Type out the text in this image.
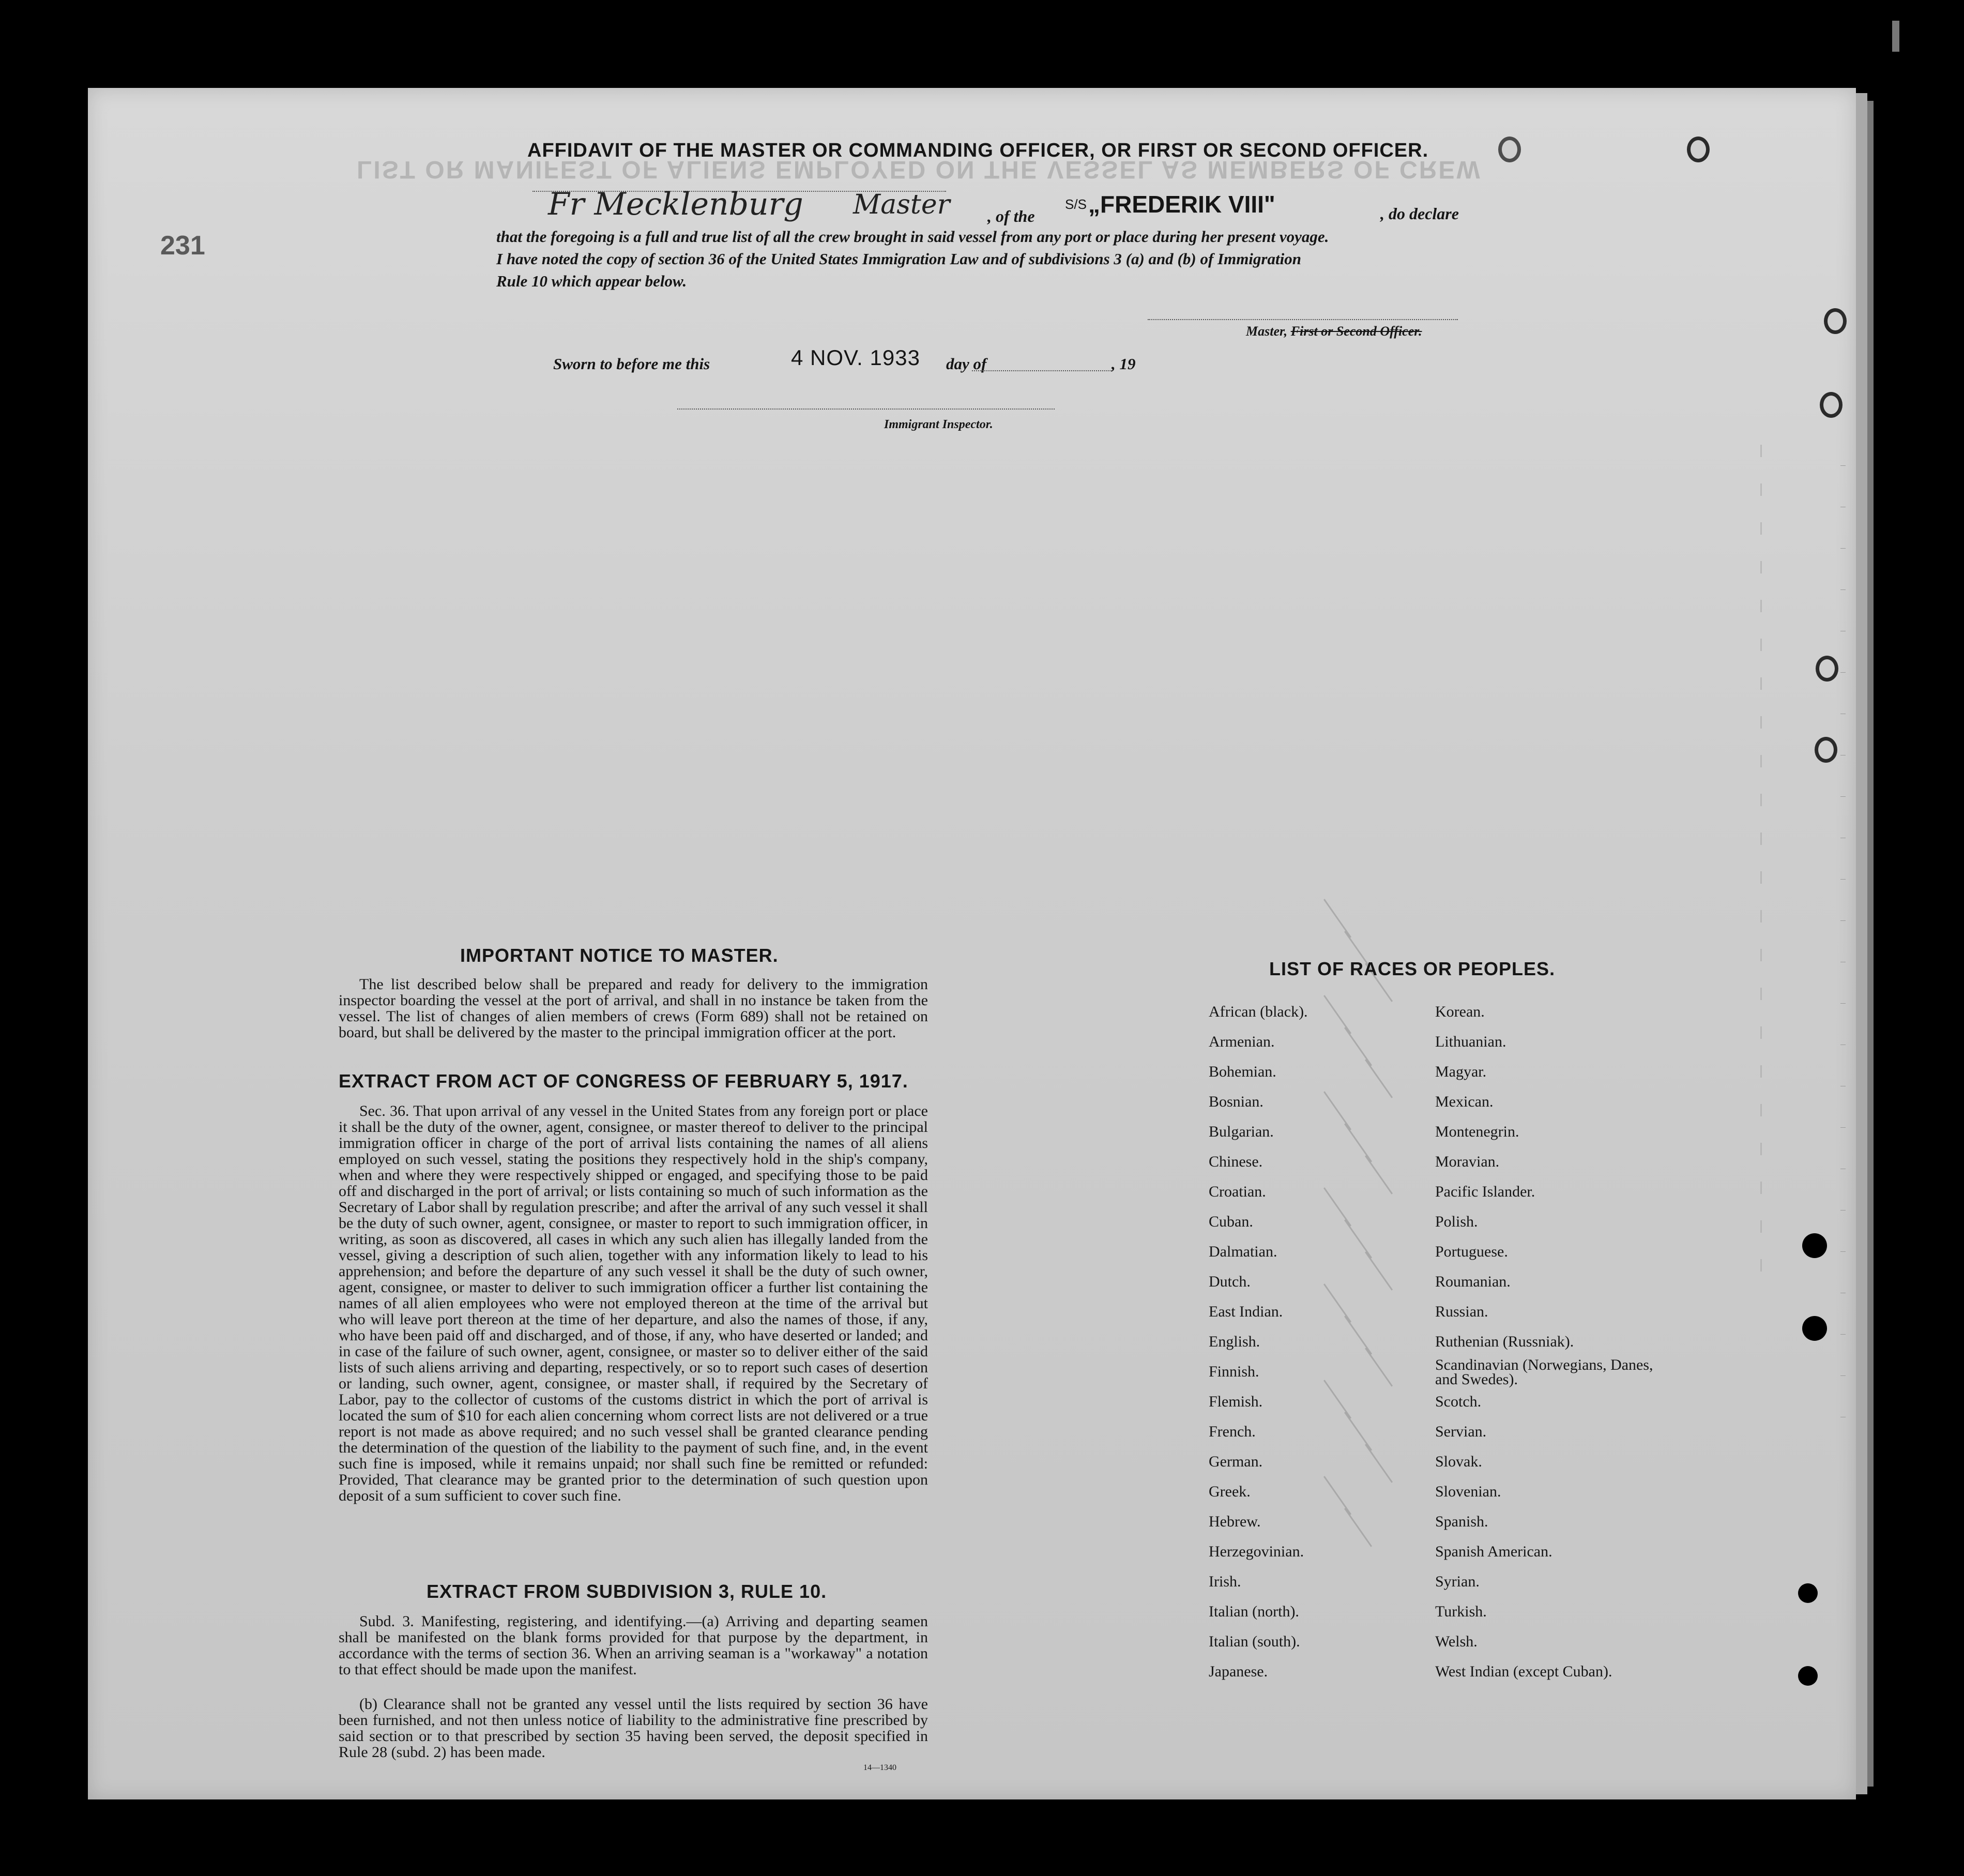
LIST OR MANIFEST OF ALIENS EMPLOYED ON THE VESSEL AS MEMBERS OF CREW
231
AFFIDAVIT OF THE MASTER OR COMMANDING OFFICER, OR FIRST OR SECOND OFFICER.
Fr Mecklenburg Master , of the
S/S „FREDERIK VIII"	, do declare
that the foregoing is a full and true list of all the crew brought in said vessel from any port or place during her present voyage.
I have noted the copy of section 36 of the United States Immigration Law and of subdivisions 3 (a) and (b) of Immigration
Rule 10 which appear below.
Master, First or Second Officer.
Sworn to before me this	4 NOV. 1933 day of	, 19
Immigrant Inspector.
IMPORTANT NOTICE TO MASTER.
The list described below shall be prepared and ready for delivery to the immigration inspector boarding the vessel at the port of arrival, and shall in no instance be taken from the vessel. The list of changes of alien members of crews (Form 689) shall not be retained on board, but shall be delivered by the master to the principal immigration officer at the port.
EXTRACT FROM ACT OF CONGRESS OF FEBRUARY 5, 1917.
Sec. 36. That upon arrival of any vessel in the United States from any foreign port or place it shall be the duty of the owner, agent, consignee, or master thereof to deliver to the principal immigration officer in charge of the port of arrival lists containing the names of all aliens employed on such vessel, stating the positions they respectively hold in the ship's company, when and where they were respectively shipped or engaged, and specifying those to be paid off and discharged in the port of arrival; or lists containing so much of such information as the Secretary of Labor shall by regulation prescribe; and after the arrival of any such vessel it shall be the duty of such owner, agent, consignee, or master to report to such immigration officer, in writing, as soon as discovered, all cases in which any such alien has illegally landed from the vessel, giving a description of such alien, together with any information likely to lead to his apprehension; and before the departure of any such vessel it shall be the duty of such owner, agent, consignee, or master to deliver to such immigration officer a further list containing the names of all alien employees who were not employed thereon at the time of the arrival but who will leave port thereon at the time of her departure, and also the names of those, if any, who have been paid off and discharged, and of those, if any, who have deserted or landed; and in case of the failure of such owner, agent, consignee, or master so to deliver either of the said lists of such aliens arriving and departing, respectively, or so to report such cases of desertion or landing, such owner, agent, consignee, or master shall, if required by the Secretary of Labor, pay to the collector of customs of the customs district in which the port of arrival is located the sum of $10 for each alien concerning whom correct lists are not delivered or a true report is not made as above required; and no such vessel shall be granted clearance pending the determination of the question of the liability to the payment of such fine, and, in the event such fine is imposed, while it remains unpaid; nor shall such fine be remitted or refunded: Provided, That clearance may be granted prior to the determination of such question upon deposit of a sum sufficient to cover such fine.
EXTRACT FROM SUBDIVISION 3, RULE 10.
Subd. 3. Manifesting, registering, and identifying.—(a) Arriving and departing seamen shall be manifested on the blank forms provided for that purpose by the department, in accordance with the terms of section 36. When an arriving seaman is a "workaway" a notation to that effect should be made upon the manifest.
(b) Clearance shall not be granted any vessel until the lists required by section 36 have been furnished, and not then unless notice of liability to the administrative fine prescribed by said section or to that prescribed by section 35 having been served, the deposit specified in Rule 28 (subd. 2) has been made.
14—1340
LIST OF RACES OR PEOPLES.
African (black).
Armenian.
Bohemian.
Bosnian.
Bulgarian.
Chinese.
Croatian.
Cuban.
Dalmatian.
Dutch.
East Indian.
English.
Finnish.
Flemish.
French.
German.
Greek.
Hebrew.
Herzegovinian.
Irish.
Italian (north).
Italian (south).
Japanese.
Korean.
Lithuanian.
Magyar.
Mexican.
Montenegrin.
Moravian.
Pacific Islander.
Polish.
Portuguese.
Roumanian.
Russian.
Ruthenian (Russniak).
Scandinavian (Norwegians, Danes, and Swedes).
Scotch.
Servian.
Slovak.
Slovenian.
Spanish.
Spanish American.
Syrian.
Turkish.
Welsh.
West Indian (except Cuban).
